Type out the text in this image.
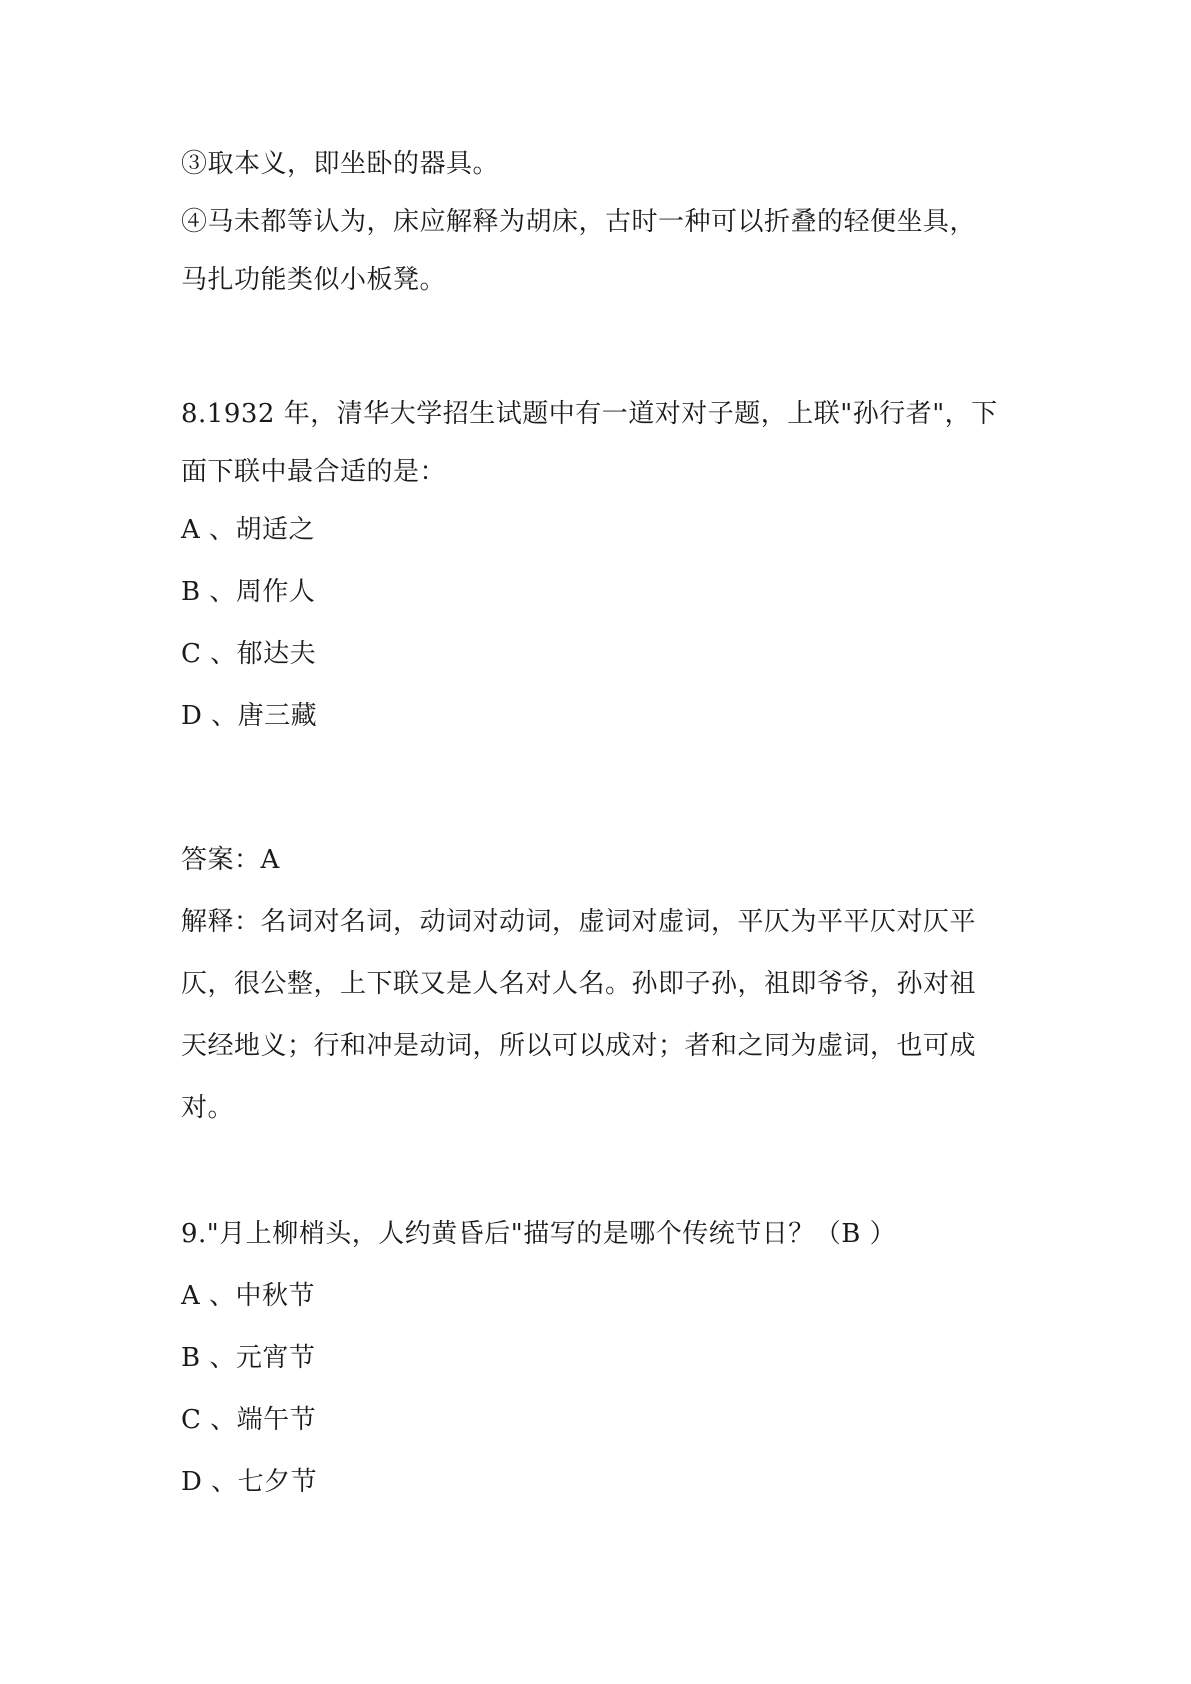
③取本义，即坐卧的器具。
④马未都等认为，床应解释为胡床，古时一种可以折叠的轻便坐具，
马扎功能类似小板凳。
8.1932 年，清华大学招生试题中有一道对对子题，上联"孙行者"，下
面下联中最合适的是：
A 、胡适之
B 、周作人
C 、郁达夫
D 、唐三藏
答案：A
解释：名词对名词，动词对动词，虚词对虚词，平仄为平平仄对仄平
仄，很公整，上下联又是人名对人名。孙即子孙，祖即爷爷，孙对祖
天经地义；行和冲是动词，所以可以成对；者和之同为虚词，也可成
对。
9."月上柳梢头，人约黄昏后"描写的是哪个传统节日？（B ）
A 、中秋节
B 、元宵节
C 、端午节
D 、七夕节
